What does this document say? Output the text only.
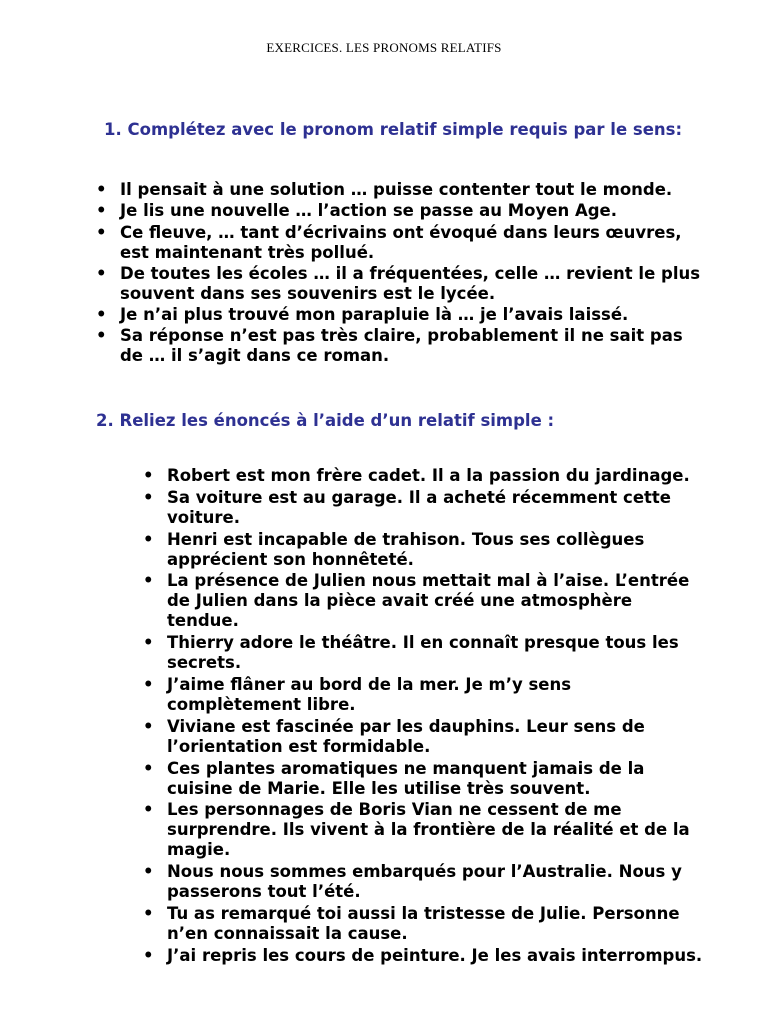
EXERCICES. LES PRONOMS RELATIFS
1. Complétez avec le pronom relatif simple requis par le sens:
• Il pensait à une solution … puisse contenter tout le monde.
• Je lis une nouvelle … l’action se passe au Moyen Age.
• Ce fleuve, … tant d’écrivains ont évoqué dans leurs œuvres, est maintenant très pollué.
• De toutes les écoles … il a fréquentées, celle … revient le plus souvent dans ses souvenirs est le lycée.
• Je n’ai plus trouvé mon parapluie là … je l’avais laissé.
• Sa réponse n’est pas très claire, probablement il ne sait pas de … il s’agit dans ce roman.
2. Reliez les énoncés à l’aide d’un relatif simple :
• Robert est mon frère cadet. Il a la passion du jardinage.
• Sa voiture est au garage. Il a acheté récemment cette voiture.
• Henri est incapable de trahison. Tous ses collègues apprécient son honnêteté.
• La présence de Julien nous mettait mal à l’aise. L’entrée de Julien dans la pièce avait créé une atmosphère tendue.
• Thierry adore le théâtre. Il en connaît presque tous les secrets.
• J’aime flâner au bord de la mer. Je m’y sens complètement libre.
• Viviane est fascinée par les dauphins. Leur sens de l’orientation est formidable.
• Ces plantes aromatiques ne manquent jamais de la cuisine de Marie. Elle les utilise très souvent.
• Les personnages de Boris Vian ne cessent de me surprendre. Ils vivent à la frontière de la réalité et de la magie.
• Nous nous sommes embarqués pour l’Australie. Nous y passerons tout l’été.
• Tu as remarqué toi aussi la tristesse de Julie. Personne n’en connaissait la cause.
• J’ai repris les cours de peinture. Je les avais interrompus.
